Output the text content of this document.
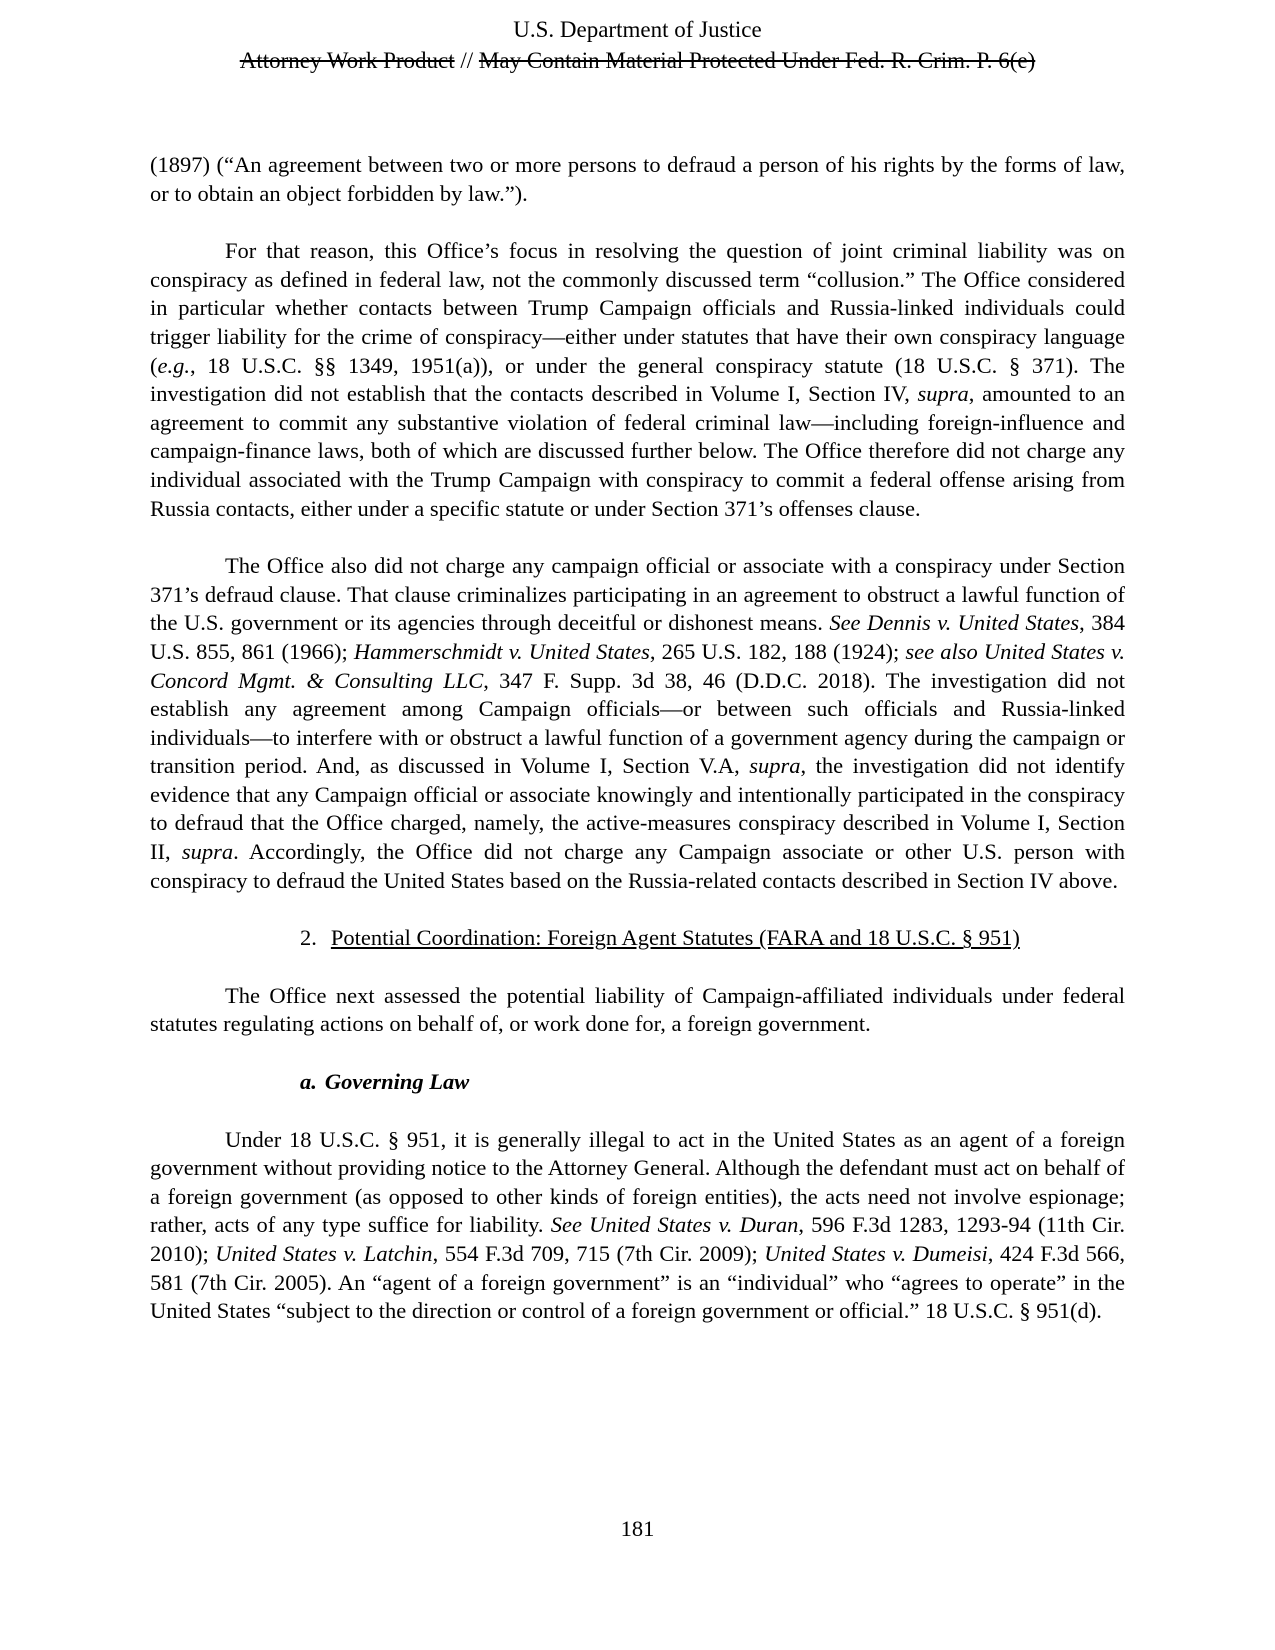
U.S. Department of Justice
Attorney Work Product // May Contain Material Protected Under Fed. R. Crim. P. 6(e)

(1897) (“An agreement between two or more persons to defraud a person of his rights by the forms of law, or to obtain an object forbidden by law.”).

For that reason, this Office’s focus in resolving the question of joint criminal liability was on conspiracy as defined in federal law, not the commonly discussed term “collusion.” The Office considered in particular whether contacts between Trump Campaign officials and Russia-linked individuals could trigger liability for the crime of conspiracy—either under statutes that have their own conspiracy language (e.g., 18 U.S.C. §§ 1349, 1951(a)), or under the general conspiracy statute (18 U.S.C. § 371). The investigation did not establish that the contacts described in Volume I, Section IV, supra, amounted to an agreement to commit any substantive violation of federal criminal law—including foreign-influence and campaign-finance laws, both of which are discussed further below. The Office therefore did not charge any individual associated with the Trump Campaign with conspiracy to commit a federal offense arising from Russia contacts, either under a specific statute or under Section 371’s offenses clause.

The Office also did not charge any campaign official or associate with a conspiracy under Section 371’s defraud clause. That clause criminalizes participating in an agreement to obstruct a lawful function of the U.S. government or its agencies through deceitful or dishonest means. See Dennis v. United States, 384 U.S. 855, 861 (1966); Hammerschmidt v. United States, 265 U.S. 182, 188 (1924); see also United States v. Concord Mgmt. & Consulting LLC, 347 F. Supp. 3d 38, 46 (D.D.C. 2018). The investigation did not establish any agreement among Campaign officials—or between such officials and Russia-linked individuals—to interfere with or obstruct a lawful function of a government agency during the campaign or transition period. And, as discussed in Volume I, Section V.A, supra, the investigation did not identify evidence that any Campaign official or associate knowingly and intentionally participated in the conspiracy to defraud that the Office charged, namely, the active-measures conspiracy described in Volume I, Section II, supra. Accordingly, the Office did not charge any Campaign associate or other U.S. person with conspiracy to defraud the United States based on the Russia-related contacts described in Section IV above.

2. Potential Coordination: Foreign Agent Statutes (FARA and 18 U.S.C. § 951)

The Office next assessed the potential liability of Campaign-affiliated individuals under federal statutes regulating actions on behalf of, or work done for, a foreign government.

a. Governing Law

Under 18 U.S.C. § 951, it is generally illegal to act in the United States as an agent of a foreign government without providing notice to the Attorney General. Although the defendant must act on behalf of a foreign government (as opposed to other kinds of foreign entities), the acts need not involve espionage; rather, acts of any type suffice for liability. See United States v. Duran, 596 F.3d 1283, 1293-94 (11th Cir. 2010); United States v. Latchin, 554 F.3d 709, 715 (7th Cir. 2009); United States v. Dumeisi, 424 F.3d 566, 581 (7th Cir. 2005). An “agent of a foreign government” is an “individual” who “agrees to operate” in the United States “subject to the direction or control of a foreign government or official.” 18 U.S.C. § 951(d).

181
